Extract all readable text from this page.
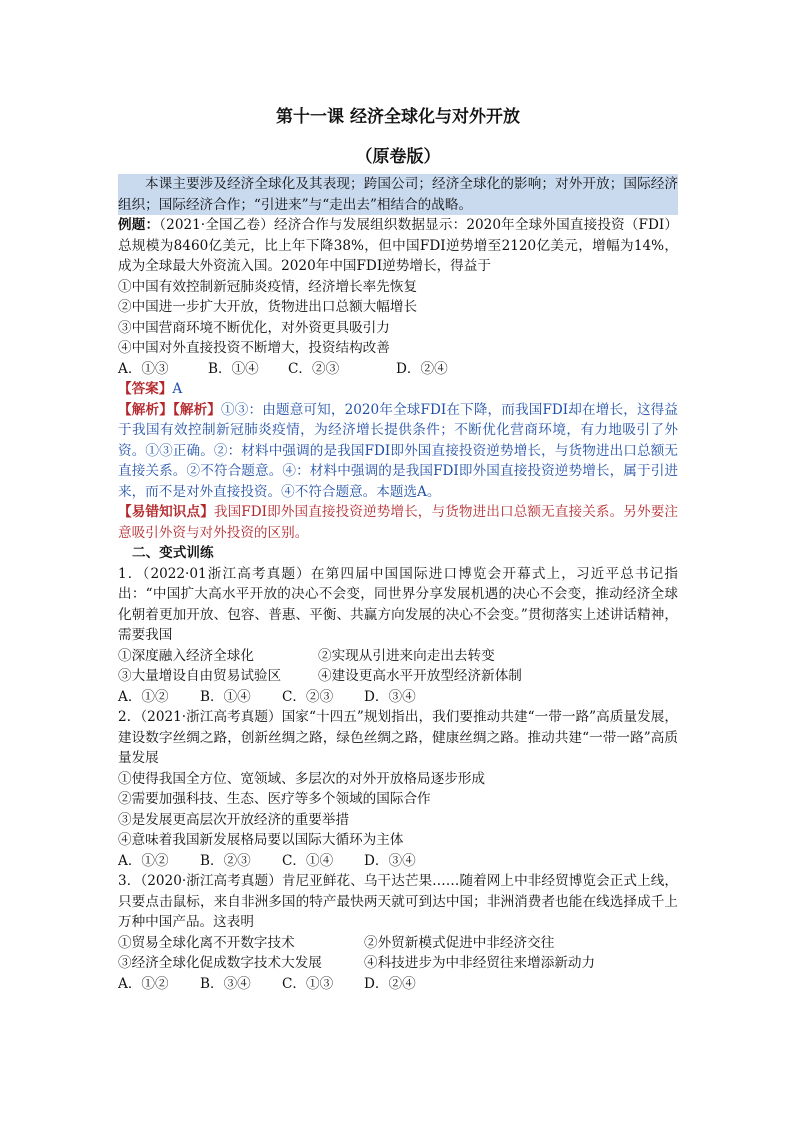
第十一课 经济全球化与对外开放
（原卷版）
本课主要涉及经济全球化及其表现；跨国公司；经济全球化的影响；对外开放；国际经济组织；国际经济合作；“引进来”与“走出去”相结合的战略。
例题：（2021·全国乙卷）经济合作与发展组织数据显示：2020年全球外国直接投资（FDI）总规模为8460亿美元，比上年下降38%，但中国FDI逆势增至2120亿美元，增幅为14%，成为全球最大外资流入国。2020年中国FDI逆势增长，得益于
①中国有效控制新冠肺炎疫情，经济增长率先恢复
②中国进一步扩大开放，货物进出口总额大幅增长
③中国营商环境不断优化，对外资更具吸引力
④中国对外直接投资不断增大，投资结构改善
A．①③	B．①④	C．②③	D．②④
【答案】A
【解析】【解析】①③：由题意可知，2020年全球FDI在下降，而我国FDI却在增长，这得益于我国有效控制新冠肺炎疫情，为经济增长提供条件；不断优化营商环境，有力地吸引了外资。①③正确。②：材料中强调的是我国FDI即外国直接投资逆势增长，与货物进出口总额无直接关系。②不符合题意。④：材料中强调的是我国FDI即外国直接投资逆势增长，属于引进来，而不是对外直接投资。④不符合题意。本题选A。
【易错知识点】我国FDI即外国直接投资逆势增长，与货物进出口总额无直接关系。另外要注意吸引外资与对外投资的区别。
二、变式训练
1．（2022·01浙江高考真题）在第四届中国国际进口博览会开幕式上，习近平总书记指出：“中国扩大高水平开放的决心不会变，同世界分享发展机遇的决心不会变，推动经济全球化朝着更加开放、包容、普惠、平衡、共赢方向发展的决心不会变。”贯彻落实上述讲话精神，需要我国
①深度融入经济全球化	②实现从引进来向走出去转变
③大量增设自由贸易试验区	④建设更高水平开放型经济新体制
A．①②	B．①④	C．②③	D．③④
2．（2021·浙江高考真题）国家“十四五”规划指出，我们要推动共建“一带一路”高质量发展，建设数字丝绸之路，创新丝绸之路，绿色丝绸之路，健康丝绸之路。推动共建“一带一路”高质量发展
①使得我国全方位、宽领域、多层次的对外开放格局逐步形成
②需要加强科技、生态、医疗等多个领域的国际合作
③是发展更高层次开放经济的重要举措
④意味着我国新发展格局要以国际大循环为主体
A．①②	B．②③	C．①④	D．③④
3．（2020·浙江高考真题）肯尼亚鲜花、乌干达芒果……随着网上中非经贸博览会正式上线，只要点击鼠标，来自非洲多国的特产最快两天就可到达中国；非洲消费者也能在线选择成千上万种中国产品。这表明
①贸易全球化离不开数字技术	②外贸新模式促进中非经济交往
③经济全球化促成数字技术大发展	④科技进步为中非经贸往来增添新动力
A．①②	B．③④	C．①③	D．②④
